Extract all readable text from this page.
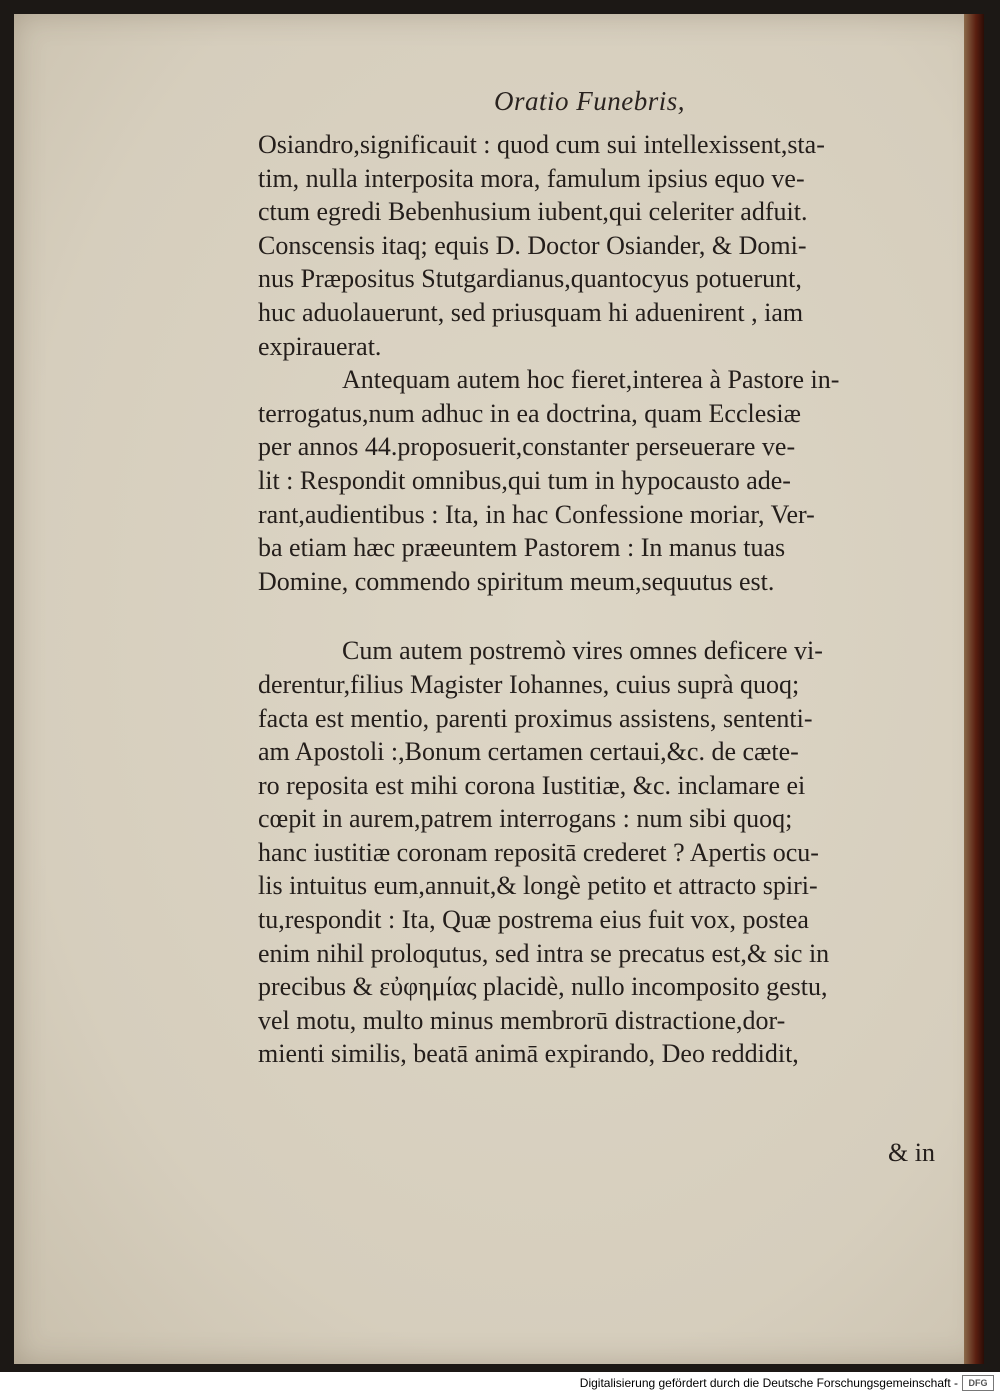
Oratio Funebris,

Osiandro,significauit : quod cum sui intellexissent,sta-
tim, nulla interposita mora, famulum ipsius equo ve-
ctum egredi Bebenhusium iubent,qui celeriter adfuit.
Conscensis itaq; equis D. Doctor Osiander, & Domi-
nus Præpositus Stutgardianus,quantocyus potuerunt,
huc aduolauerunt, sed priusquam hi aduenirent , iam
expirauerat.

Antequam autem hoc fieret,interea à Pastore in-
terrogatus,num adhuc in ea doctrina, quam Ecclesiæ
per annos 44.proposuerit,constanter perseuerare ve-
lit : Respondit omnibus,qui tum in hypocausto ade-
rant,audientibus : Ita, in hac Confessione moriar, Ver-
ba etiam hæc præeuntem Pastorem : In manus tuas
Domine, commendo spiritum meum,sequutus est.

Cum autem postremò vires omnes deficere vi-
derentur,filius Magister Iohannes, cuius suprà quoq;
facta est mentio, parenti proximus assistens, sententi-
am Apostoli :,Bonum certamen certaui,&c. de cæte-
ro reposita est mihi corona Iustitiæ, &c. inclamare ei
cœpit in aurem,patrem interrogans : num sibi quoq;
hanc iustitiæ coronam repositā crederet ? Apertis ocu-
lis intuitus eum,annuit,& longè petito et attracto spiri-
tu,respondit : Ita, Quæ postrema eius fuit vox, postea
enim nihil proloqutus, sed intra se precatus est,& sic in
precibus & εὐφημίας placidè, nullo incomposito gestu,
vel motu, multo minus membrorū distractione,dor-
mienti similis, beatā animā expirando, Deo reddidit,

& in

Digitalisierung gefördert durch die Deutsche Forschungsgemeinschaft -	DFG
